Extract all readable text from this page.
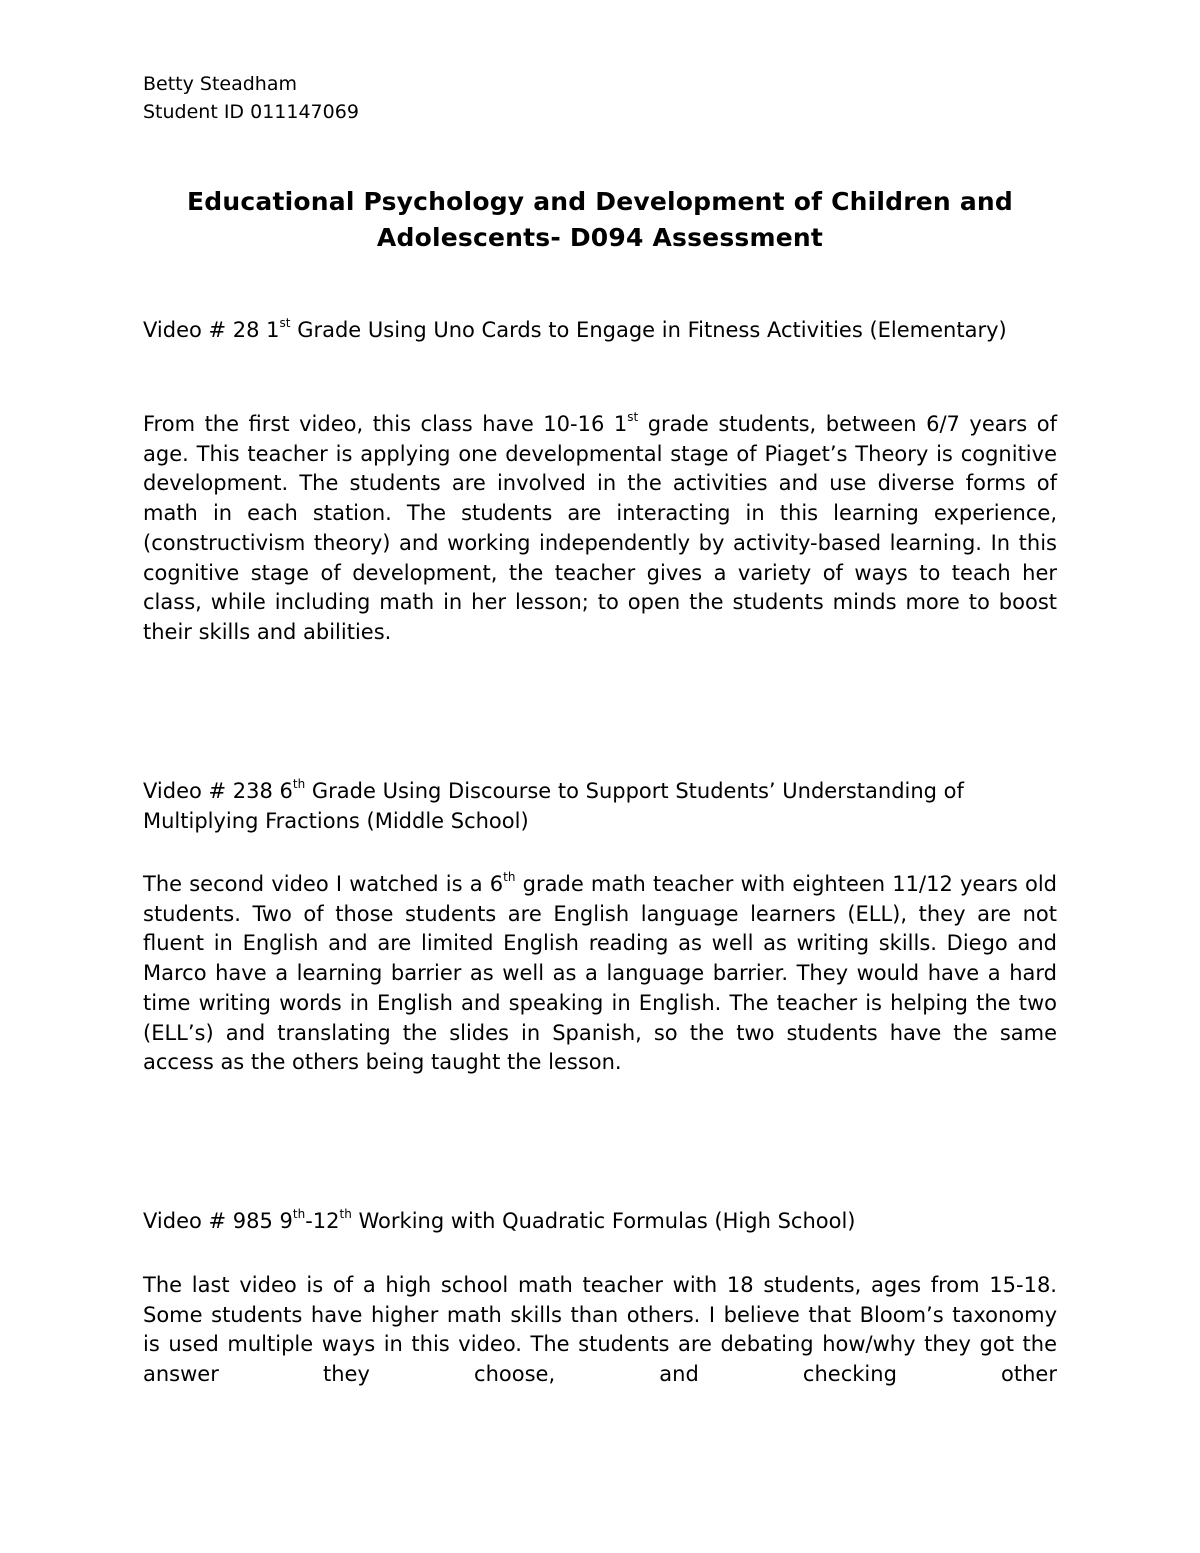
Betty Steadham
Student ID 011147069
Educational Psychology and Development of Children and
Adolescents- D094 Assessment
Video # 28 1st Grade Using Uno Cards to Engage in Fitness Activities (Elementary)
From the first video, this class have 10-16 1st grade students, between 6/7 years of age. This teacher is applying one developmental stage of Piaget’s Theory is cognitive development. The students are involved in the activities and use diverse forms of math in each station. The students are interacting in this learning experience, (constructivism theory) and working independently by activity-based learning. In this cognitive stage of development, the teacher gives a variety of ways to teach her class, while including math in her lesson; to open the students minds more to boost their skills and abilities.
Video # 238 6th Grade Using Discourse to Support Students’ Understanding of Multiplying Fractions (Middle School)
The second video I watched is a 6th grade math teacher with eighteen 11/12 years old students. Two of those students are English language learners (ELL), they are not fluent in English and are limited English reading as well as writing skills. Diego and Marco have a learning barrier as well as a language barrier. They would have a hard time writing words in English and speaking in English. The teacher is helping the two (ELL’s) and translating the slides in Spanish, so the two students have the same access as the others being taught the lesson.
Video # 985 9th-12th Working with Quadratic Formulas (High School)
The last video is of a high school math teacher with 18 students, ages from 15-18. Some students have higher math skills than others. I believe that Bloom’s taxonomy is used multiple ways in this video. The students are debating how/why they got the answer they choose, and checking other
